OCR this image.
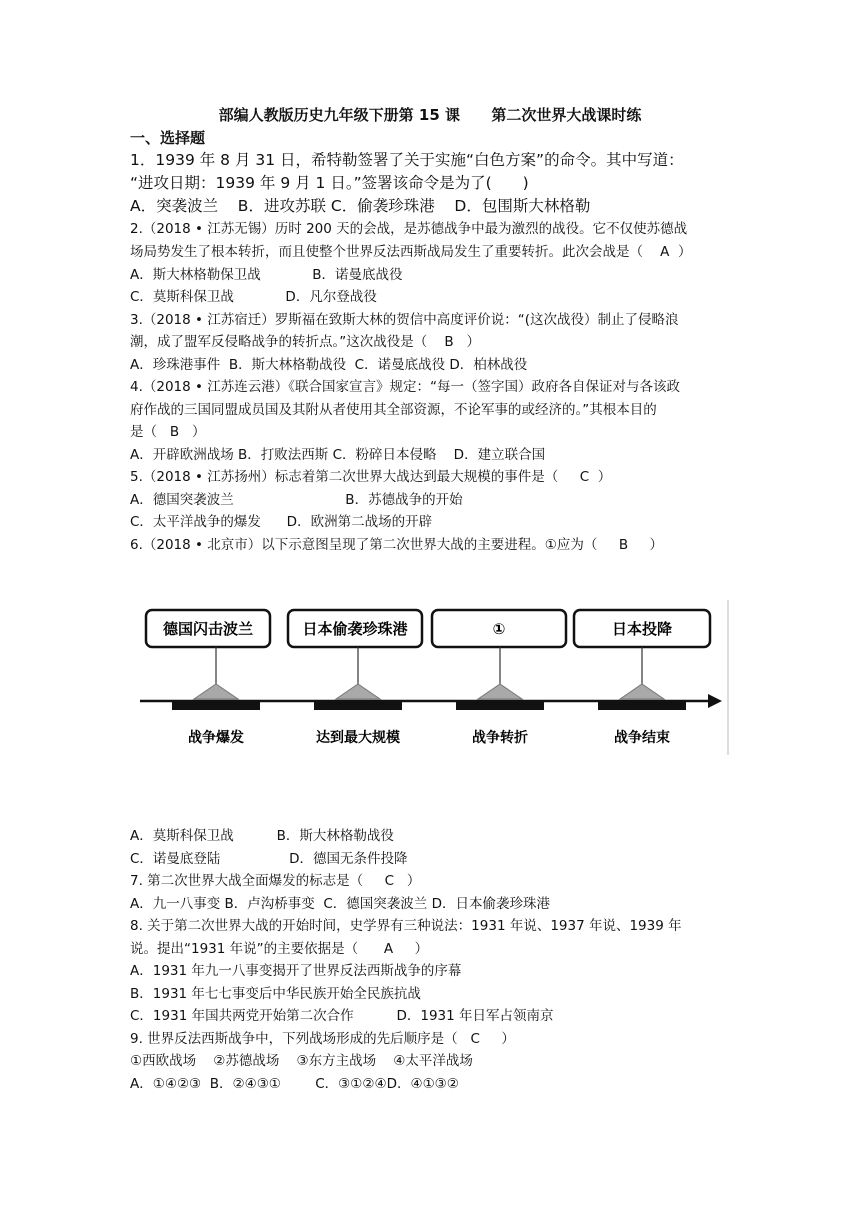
部编人教版历史九年级下册第 15 课      第二次世界大战课时练
一、选择题
1．1939 年 8 月 31 日，希特勒签署了关于实施“白色方案”的命令。其中写道：
“进攻日期：1939 年 9 月 1 日。”签署该命令是为了(　　)
A．突袭波兰    B．进攻苏联 C．偷袭珍珠港    D．包围斯大林格勒
2.（2018 • 江苏无锡）历时 200 天的会战，是苏德战争中最为激烈的战役。它不仅使苏德战
场局势发生了根本转折，而且使整个世界反法西斯战局发生了重要转折。此次会战是（    A  ）
A．斯大林格勒保卫战            B．诺曼底战役
C．莫斯科保卫战            D．凡尔登战役
3.（2018 • 江苏宿迁）罗斯福在致斯大林的贺信中高度评价说：“(这次战役）制止了侵略浪
潮，成了盟军反侵略战争的转折点。”这次战役是（    B   ）
A．珍珠港事件  B．斯大林格勒战役  C．诺曼底战役 D．柏林战役
4.（2018 • 江苏连云港）《联合国家宣言》规定：“每一（签字国）政府各自保证对与各该政
府作战的三国同盟成员国及其附从者使用其全部资源，不论军事的或经济的。”其根本目的
是（   B   ）
A．开辟欧洲战场 B．打败法西斯 C．粉碎日本侵略    D．建立联合国
5.（2018 • 江苏扬州）标志着第二次世界大战达到最大规模的事件是（     C  ）
A．德国突袭波兰                          B．苏德战争的开始
C．太平洋战争的爆发      D．欧洲第二战场的开辟
6.（2018 • 北京市）以下示意图呈现了第二次世界大战的主要进程。①应为（     B     ）
德国闪击波兰	日本偷袭珍珠港	①	日本投降
战争爆发	达到最大规模	战争转折	战争结束
A．莫斯科保卫战          B．斯大林格勒战役
C．诺曼底登陆                D．德国无条件投降
7. 第二次世界大战全面爆发的标志是（     C   ）
A．九一八事变 B．卢沟桥事变  C．德国突袭波兰 D．日本偷袭珍珠港
8. 关于第二次世界大战的开始时间，史学界有三种说法：1931 年说、1937 年说、1939 年
说。提出“1931 年说”的主要依据是（      A     ）
A．1931 年九一八事变揭开了世界反法西斯战争的序幕
B．1931 年七七事变后中华民族开始全民族抗战
C．1931 年国共两党开始第二次合作          D．1931 年日军占领南京
9. 世界反法西斯战争中，下列战场形成的先后顺序是（   C     ）
①西欧战场    ②苏德战场    ③东方主战场    ④太平洋战场
A．①④②③  B．②④③①        C．③①②④D．④①③②
